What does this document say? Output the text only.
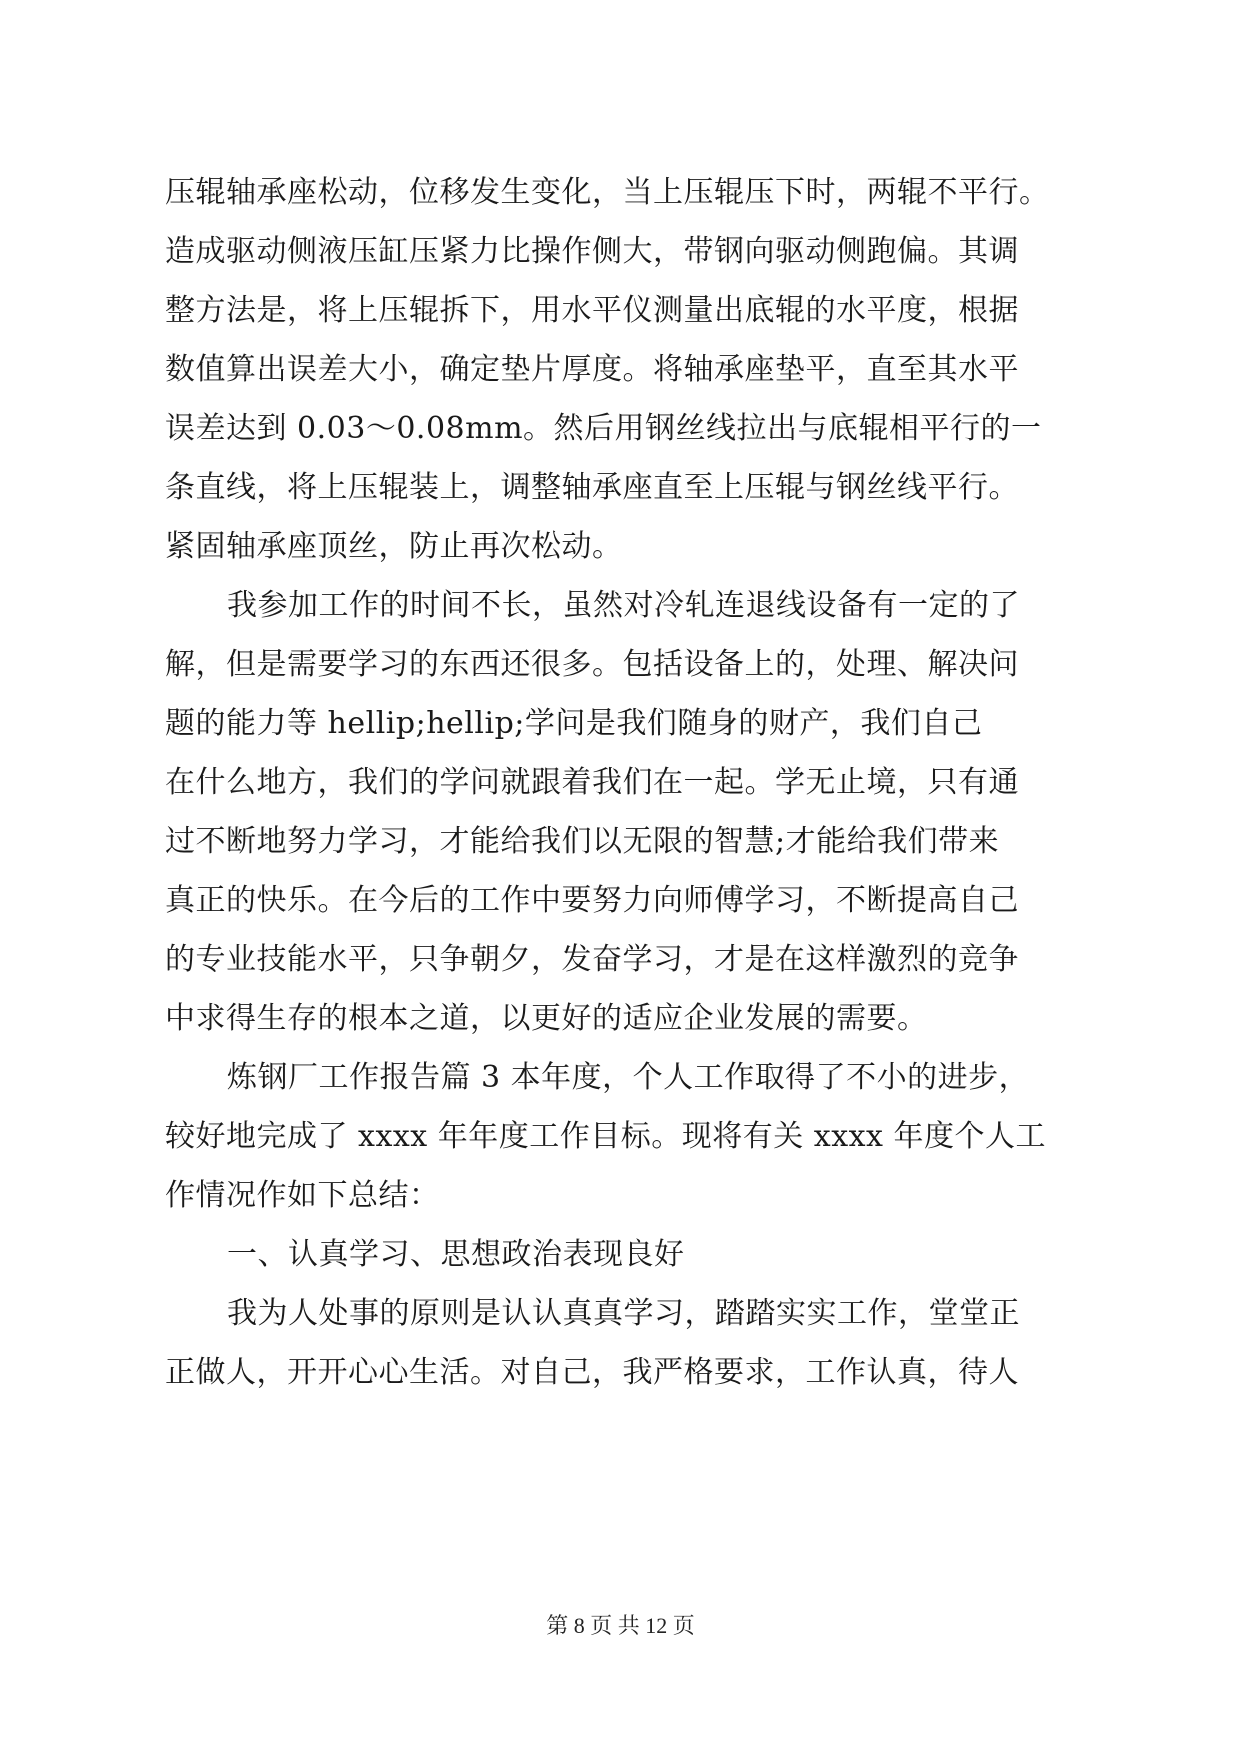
压辊轴承座松动，位移发生变化，当上压辊压下时，两辊不平行。
造成驱动侧液压缸压紧力比操作侧大，带钢向驱动侧跑偏。其调
整方法是，将上压辊拆下，用水平仪测量出底辊的水平度，根据
数值算出误差大小，确定垫片厚度。将轴承座垫平，直至其水平
误差达到 0.03～0.08mm。然后用钢丝线拉出与底辊相平行的一
条直线，将上压辊装上，调整轴承座直至上压辊与钢丝线平行。
紧固轴承座顶丝，防止再次松动。
我参加工作的时间不长，虽然对冷轧连退线设备有一定的了
解，但是需要学习的东西还很多。包括设备上的，处理、解决问
题的能力等 hellip;hellip;学问是我们随身的财产，我们自己
在什么地方，我们的学问就跟着我们在一起。学无止境，只有通
过不断地努力学习，才能给我们以无限的智慧;才能给我们带来
真正的快乐。在今后的工作中要努力向师傅学习，不断提高自己
的专业技能水平，只争朝夕，发奋学习，才是在这样激烈的竞争
中求得生存的根本之道，以更好的适应企业发展的需要。
炼钢厂工作报告篇 3 本年度，个人工作取得了不小的进步，
较好地完成了 xxxx 年年度工作目标。现将有关 xxxx 年度个人工
作情况作如下总结：
一、认真学习、思想政治表现良好
我为人处事的原则是认认真真学习，踏踏实实工作，堂堂正
正做人，开开心心生活。对自己，我严格要求，工作认真，待人
第 8 页 共 12 页
